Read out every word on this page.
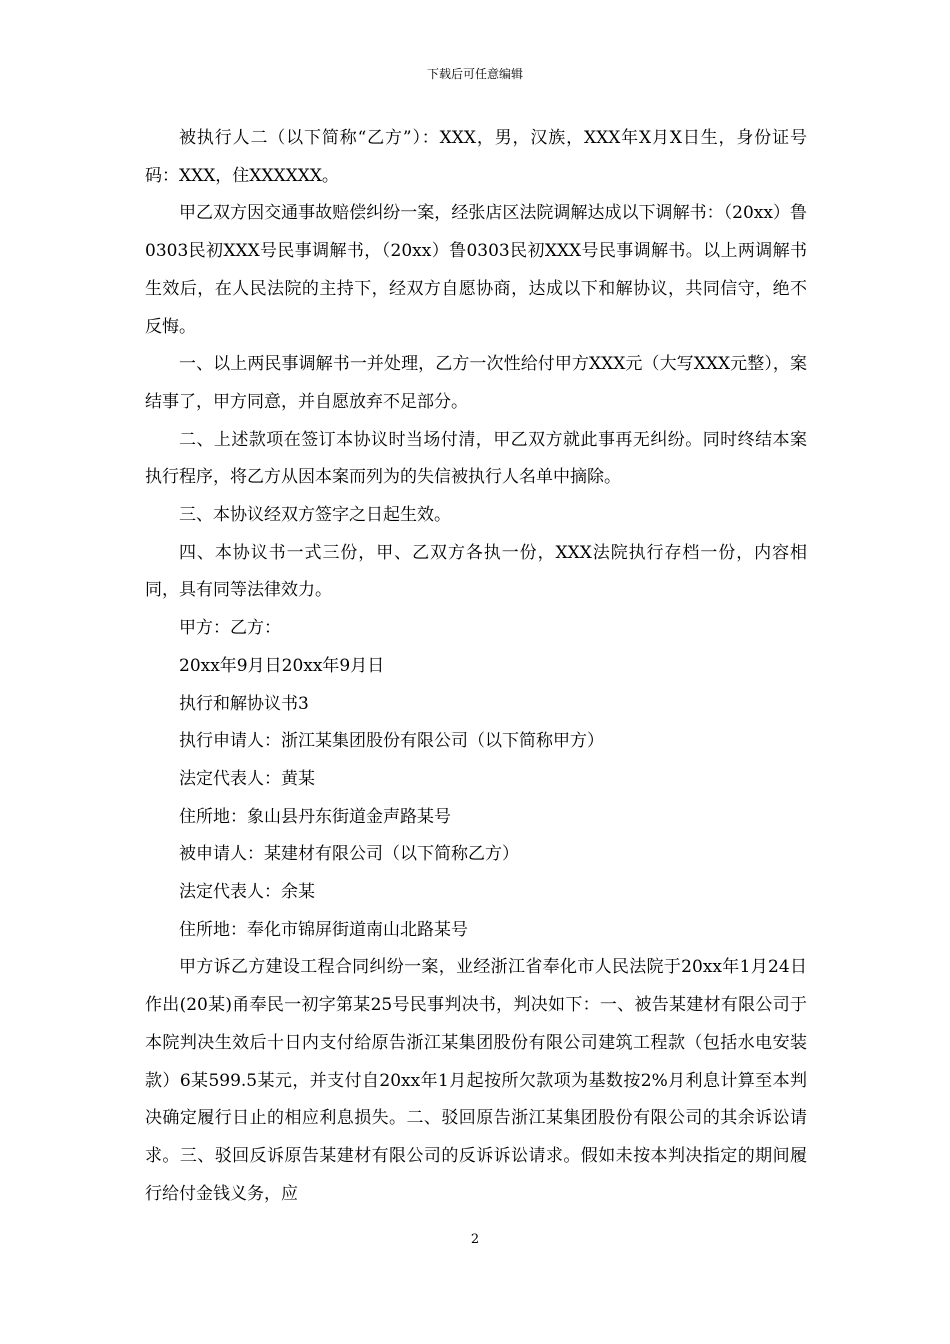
下载后可任意编辑

被执行人二（以下简称“乙方”）：XXX，男，汉族，XXX年X月X日生，身份证号码：XXX，住XXXXXX。

甲乙双方因交通事故赔偿纠纷一案，经张店区法院调解达成以下调解书：（20xx）鲁0303民初XXX号民事调解书，（20xx）鲁0303民初XXX号民事调解书。以上两调解书生效后，在人民法院的主持下，经双方自愿协商，达成以下和解协议，共同信守，绝不反悔。

一、以上两民事调解书一并处理，乙方一次性给付甲方XXX元（大写XXX元整），案结事了，甲方同意，并自愿放弃不足部分。

二、上述款项在签订本协议时当场付清，甲乙双方就此事再无纠纷。同时终结本案执行程序，将乙方从因本案而列为的失信被执行人名单中摘除。

三、本协议经双方签字之日起生效。

四、本协议书一式三份，甲、乙双方各执一份，XXX法院执行存档一份，内容相同，具有同等法律效力。

甲方：乙方：

20xx年9月日20xx年9月日

执行和解协议书3

执行申请人：浙江某集团股份有限公司（以下简称甲方）

法定代表人：黄某

住所地：象山县丹东街道金声路某号

被申请人：某建材有限公司（以下简称乙方）

法定代表人：余某

住所地：奉化市锦屏街道南山北路某号

甲方诉乙方建设工程合同纠纷一案，业经浙江省奉化市人民法院于20xx年1月24日作出(20某)甬奉民一初字第某25号民事判决书，判决如下：一、被告某建材有限公司于本院判决生效后十日内支付给原告浙江某集团股份有限公司建筑工程款（包括水电安装款）6某599.5某元，并支付自20xx年1月起按所欠款项为基数按2%月利息计算至本判决确定履行日止的相应利息损失。二、驳回原告浙江某集团股份有限公司的其余诉讼请求。三、驳回反诉原告某建材有限公司的反诉诉讼请求。假如未按本判决指定的期间履行给付金钱义务，应

2
